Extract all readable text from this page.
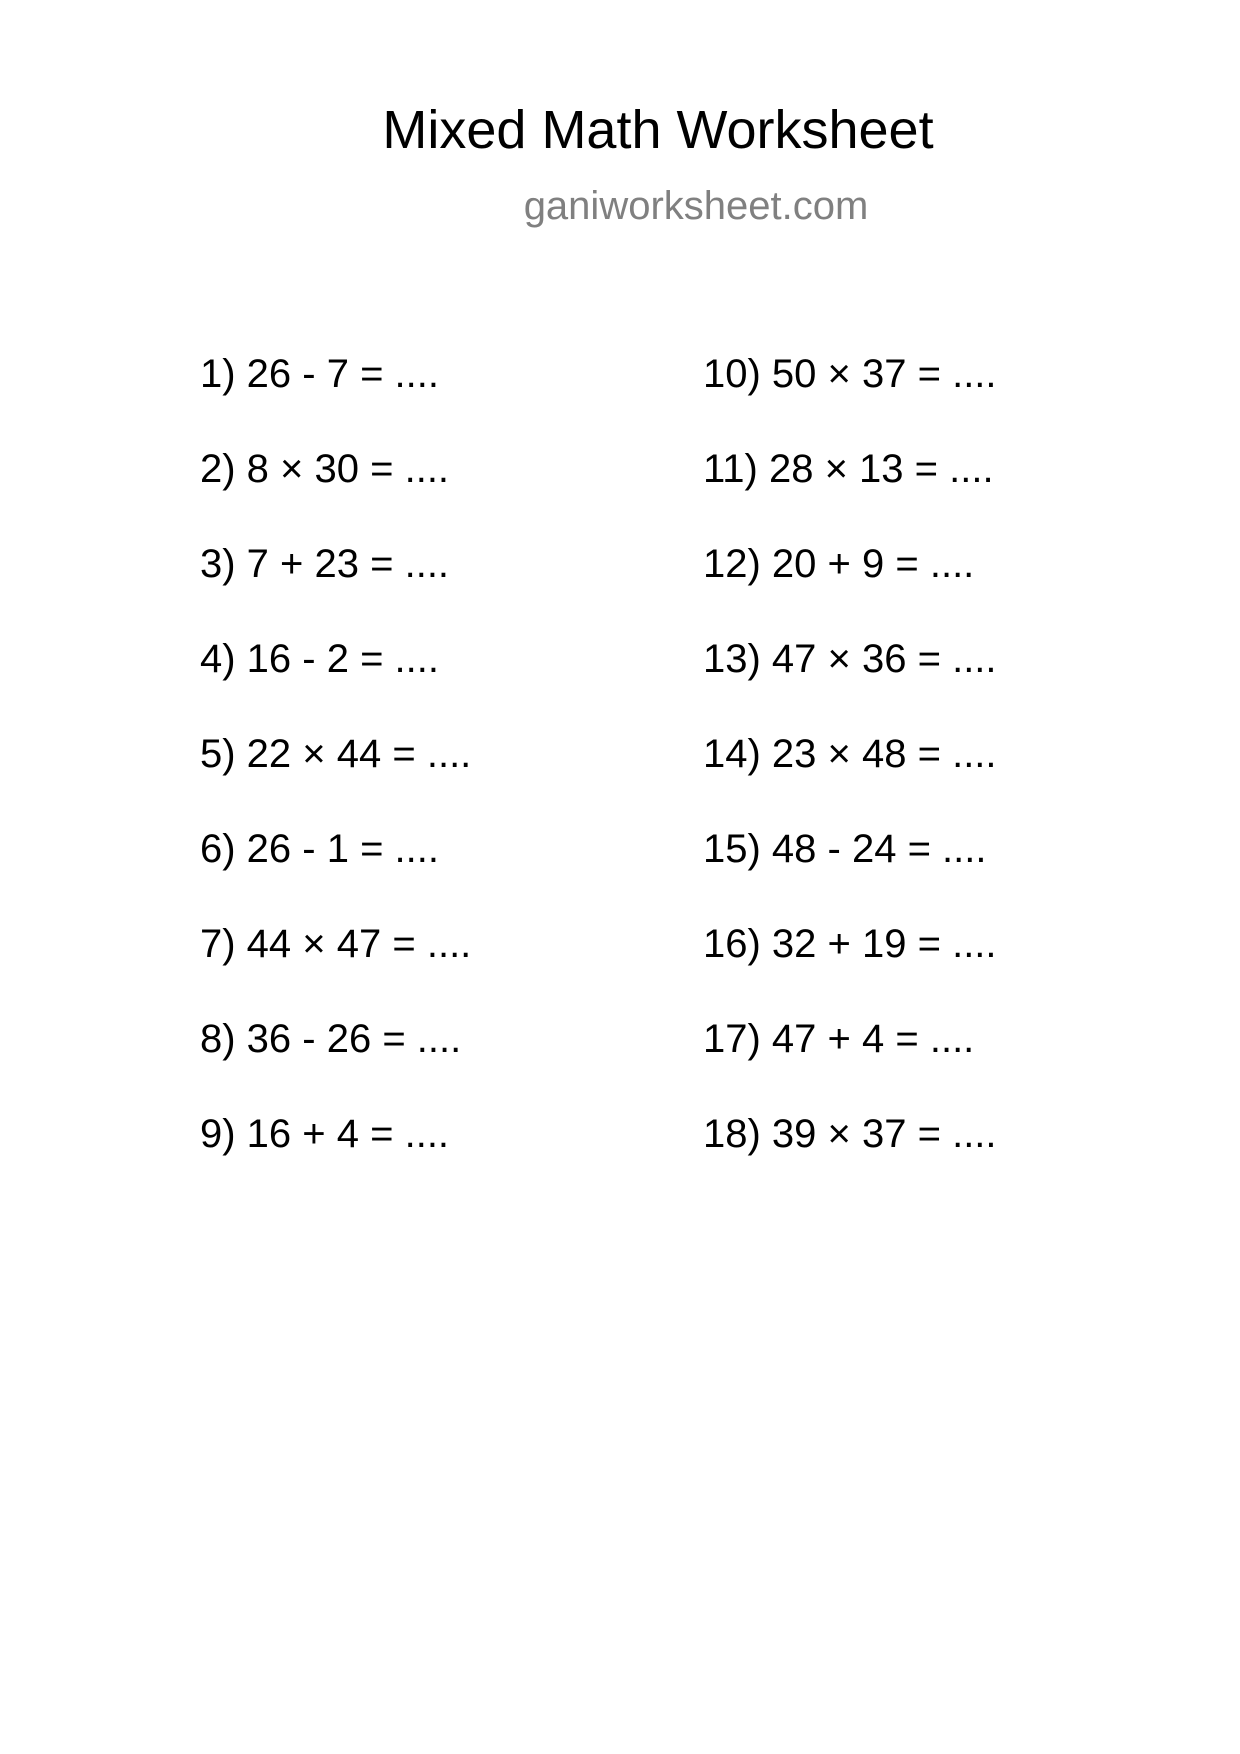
Mixed Math Worksheet
ganiworksheet.com
1) 26 - 7 = ....
2) 8 × 30 = ....
3) 7 + 23 = ....
4) 16 - 2 = ....
5) 22 × 44 = ....
6) 26 - 1 = ....
7) 44 × 47 = ....
8) 36 - 26 = ....
9) 16 + 4 = ....
10) 50 × 37 = ....
11) 28 × 13 = ....
12) 20 + 9 = ....
13) 47 × 36 = ....
14) 23 × 48 = ....
15) 48 - 24 = ....
16) 32 + 19 = ....
17) 47 + 4 = ....
18) 39 × 37 = ....
